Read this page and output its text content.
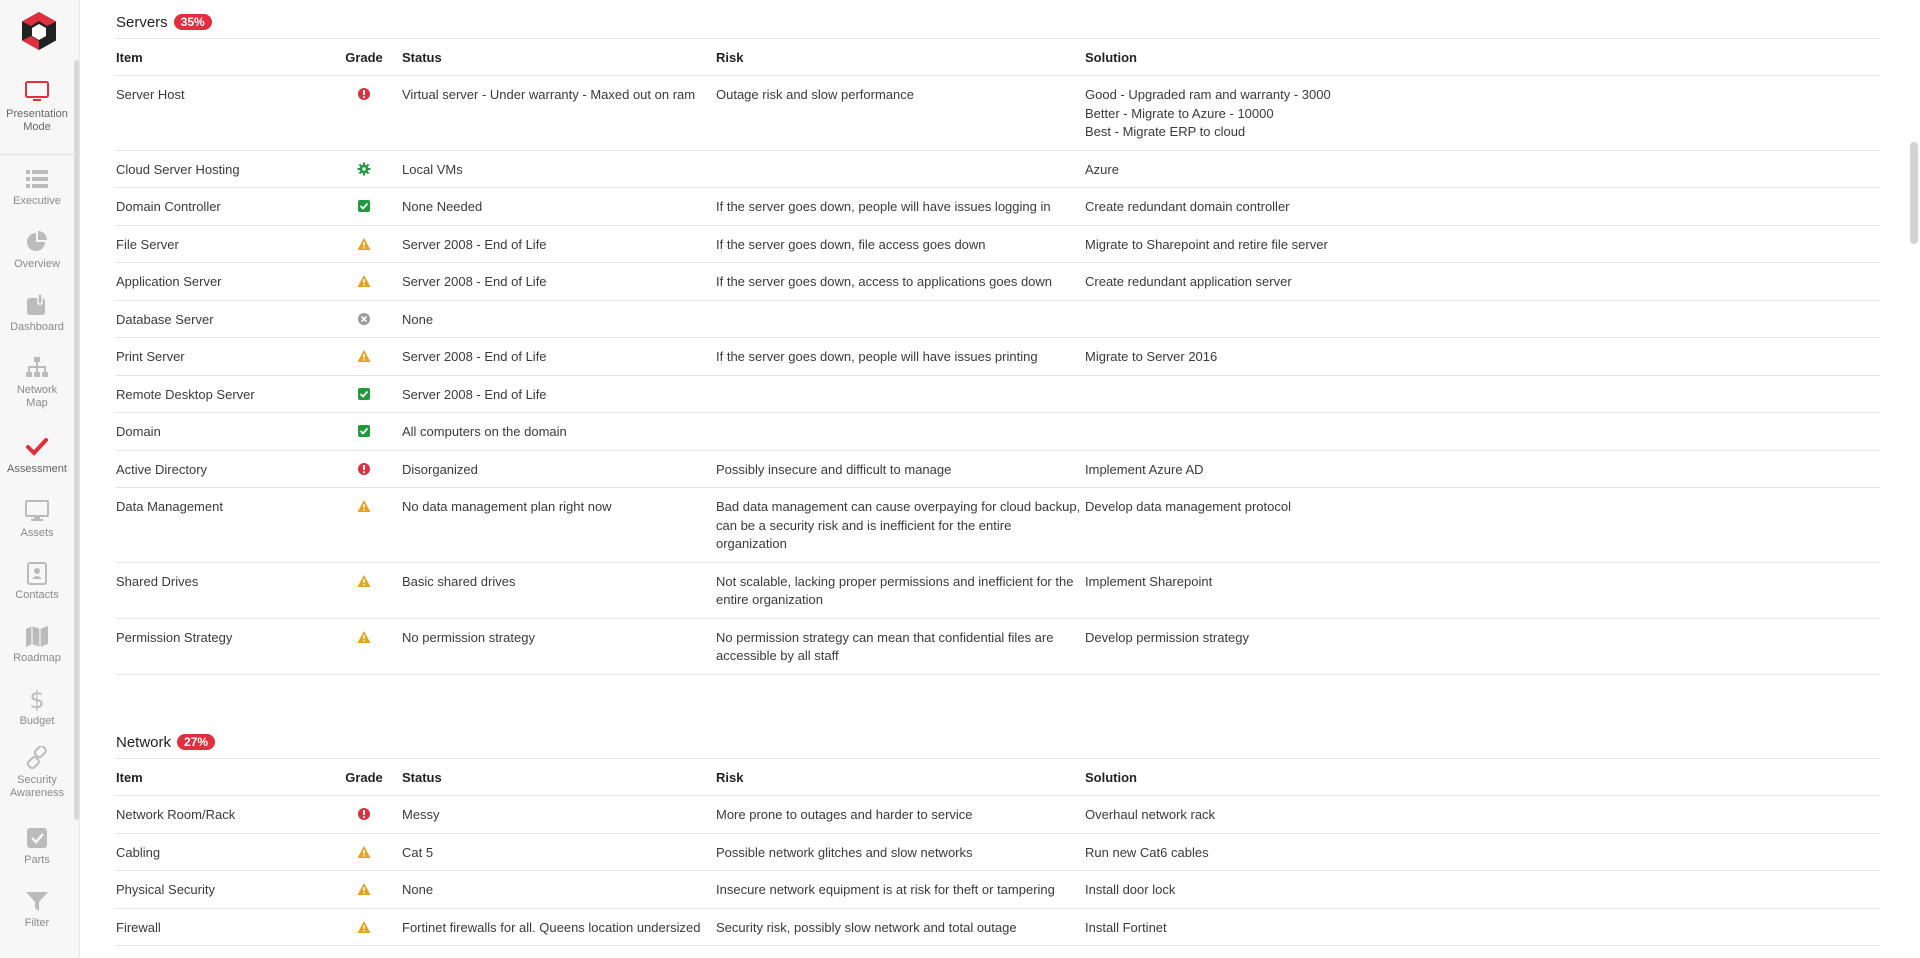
Presentation
Mode
Executive
Overview
Dashboard
Network
Map
Assessment
Assets
Contacts
Roadmap
$
Budget
Security
Awareness
Parts
Filter
Servers	35%
Item	Grade	Status	Risk	Solution
Server Host		Virtual server - Under warranty - Maxed out on ram	Outage risk and slow performance	Good - Upgraded ram and warranty - 3000
Better - Migrate to Azure - 10000
Best - Migrate ERP to cloud

Cloud Server Hosting		Local VMs		Azure

Domain Controller		None Needed	If the server goes down, people will have issues logging in	Create redundant domain controller

File Server		Server 2008 - End of Life	If the server goes down, file access goes down	Migrate to Sharepoint and retire file server

Application Server		Server 2008 - End of Life	If the server goes down, access to applications goes down	Create redundant application server

Database Server		None		

Print Server		Server 2008 - End of Life	If the server goes down, people will have issues printing	Migrate to Server 2016

Remote Desktop Server		Server 2008 - End of Life		

Domain		All computers on the domain		

Active Directory		Disorganized	Possibly insecure and difficult to manage	Implement Azure AD

Data Management		No data management plan right now	Bad data management can cause overpaying for cloud backup, can be a security risk and is inefficient for the entire organization	Develop data management protocol

Shared Drives		Basic shared drives	Not scalable, lacking proper permissions and inefficient for the entire organization	Implement Sharepoint

Permission Strategy		No permission strategy	No permission strategy can mean that confidential files are accessible by all staff	Develop permission strategy
Network	27%
Item	Grade	Status	Risk	Solution
Network Room/Rack		Messy	More prone to outages and harder to service	Overhaul network rack

Cabling		Cat 5	Possible network glitches and slow networks	Run new Cat6 cables

Physical Security		None	Insecure network equipment is at risk for theft or tampering	Install door lock

Firewall		Fortinet firewalls for all. Queens location undersized	Security risk, possibly slow network and total outage	Install Fortinet
